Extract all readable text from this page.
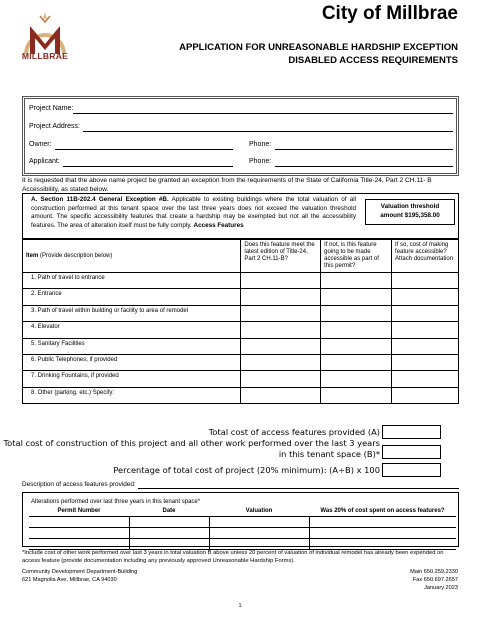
MILLBRAE
City of Millbrae
APPLICATION FOR UNREASONABLE HARDSHIP EXCEPTION
DISABLED ACCESS REQUIREMENTS
Project Name:
Project Address:
Owner:	Phone:
Applicant:	Phone:
It is requested that the above name project be granted an exception from the requirements of the State of California Title-24, Part 2 CH.11- B Accessibility, as stated below.
A. Section 11B-202.4 General Exception #B. Applicable to existing buildings where the total valuation of all construction performed at this tenant space over the last three years does not exceed the valuation threshold amount. The specific accessibility features that create a hardship may be exempted but not all the accessibility features. The area of alteration itself must be fully comply. Access Features
Valuation threshold
amount $195,358.00
Item (Provide description below)	Does this feature meet the latest edition of Title-24, Part 2 CH.11-B?	If not, is this feature going to be made accessible as part of this permit?	If so, cost of making feature accessible? Attach documentation
1. Path of travel to entrance			
2. Entrance			
3. Path of travel within building or facility to area of remodel			
4. Elevator			
5. Sanitary Facilities			
6. Public Telephones, if provided			
7. Drinking Fountains, if provided			
8. Other (parking, etc.) Specify:			
Total cost of access features provided (A)
Total cost of construction of this project and all other work performed over the last 3 years
in this tenant space (B)*
Percentage of total cost of project (20% minimum): (A÷B) x 100
Description of access features provided:
Alterations performed over last three years in this tenant space*
Permit Number	Date	Valuation	Was 20% of cost spent on access features?

*Include cost of other work performed over last 3 years in total valuation B above unless 20 percent of valuation of individual remodel has already been expended on access feature (provide documentation including any previously approved Unreasonable Hardship Forms).
Community Development Department-Building
621 Magnolia Ave, Millbrae, CA 94030
Main 650.259.2330
Fax 650.697.2657
January 2023
1
